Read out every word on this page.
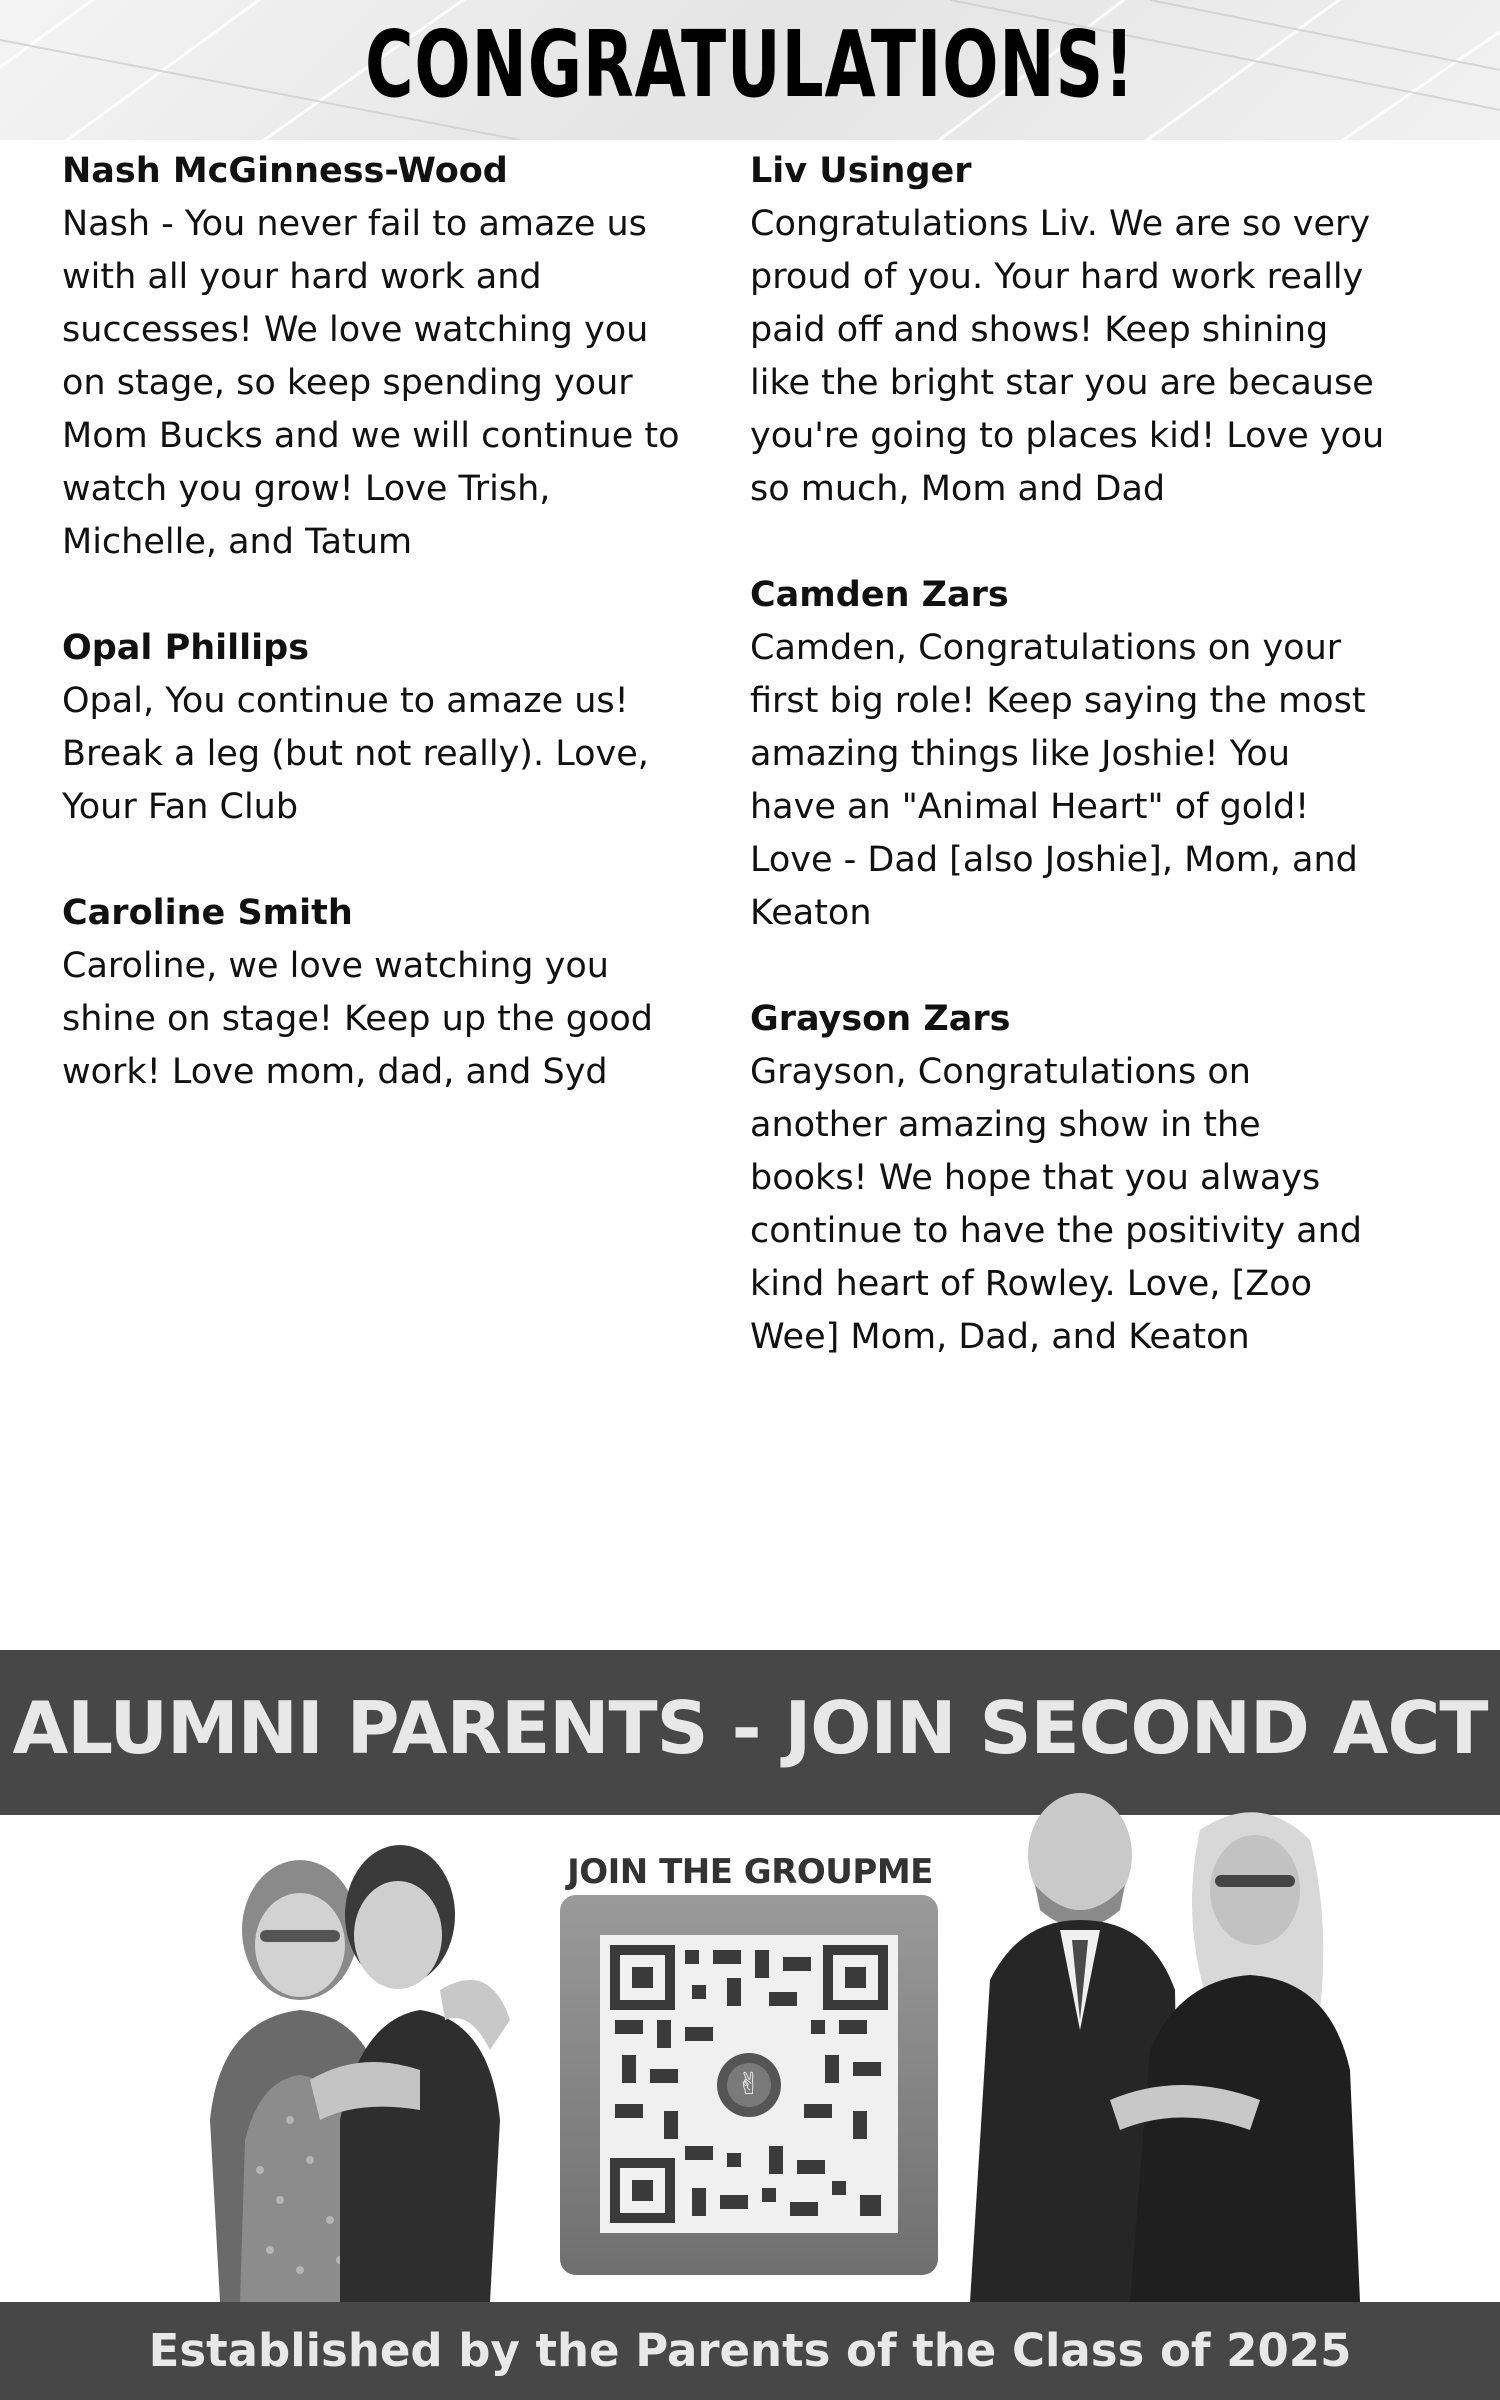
CONGRATULATIONS!
Nash McGinness-Wood
Nash - You never fail to amaze us
with all your hard work and
successes! We love watching you
on stage, so keep spending your
Mom Bucks and we will continue to
watch you grow! Love Trish,
Michelle, and Tatum
Opal Phillips
Opal, You continue to amaze us!
Break a leg (but not really). Love,
Your Fan Club
Caroline Smith
Caroline, we love watching you
shine on stage! Keep up the good
work! Love mom, dad, and Syd
Liv Usinger
Congratulations Liv. We are so very
proud of you. Your hard work really
paid off and shows! Keep shining
like the bright star you are because
you're going to places kid! Love you
so much, Mom and Dad
Camden Zars
Camden, Congratulations on your
first big role! Keep saying the most
amazing things like Joshie! You
have an "Animal Heart" of gold!
Love - Dad [also Joshie], Mom, and
Keaton
Grayson Zars
Grayson, Congratulations on
another amazing show in the
books! We hope that you always
continue to have the positivity and
kind heart of Rowley. Love, [Zoo
Wee] Mom, Dad, and Keaton
ALUMNI PARENTS - JOIN SECOND ACT
JOIN THE GROUPME
✌
Established by the Parents of the Class of 2025
